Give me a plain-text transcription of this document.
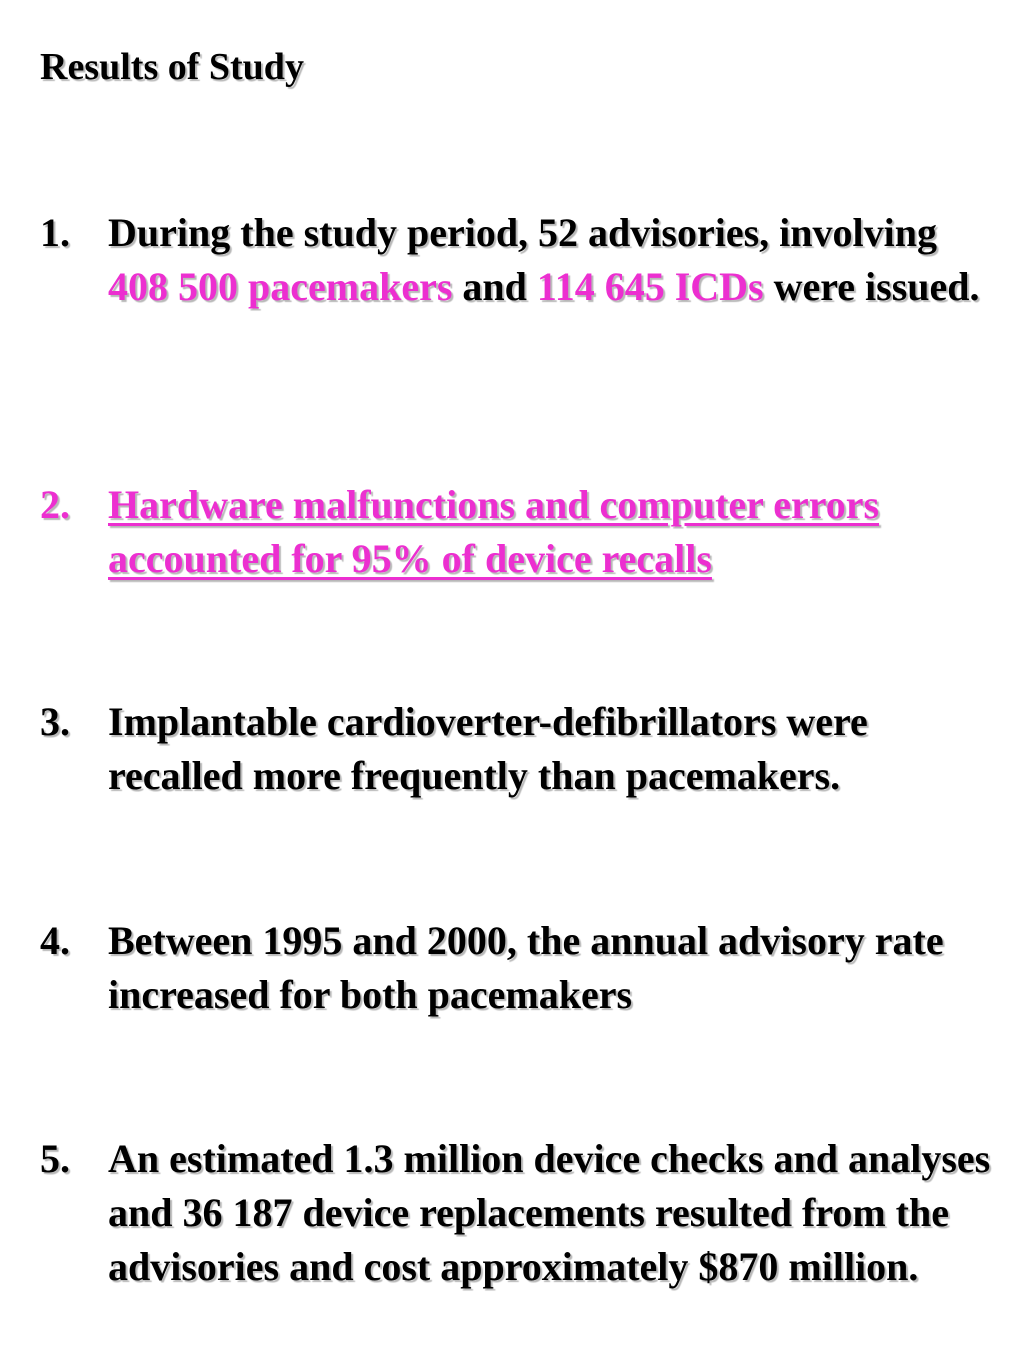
Results of Study
1. During the study period, 52 advisories, involving 408 500 pacemakers and 114 645 ICDs were issued.
2. Hardware malfunctions and computer errors accounted for 95% of device recalls
3. Implantable cardioverter-defibrillators were recalled more frequently than pacemakers.
4. Between 1995 and 2000, the annual advisory rate increased for both pacemakers
5. An estimated 1.3 million device checks and analyses and 36 187 device replacements resulted from the advisories and cost approximately $870 million.
